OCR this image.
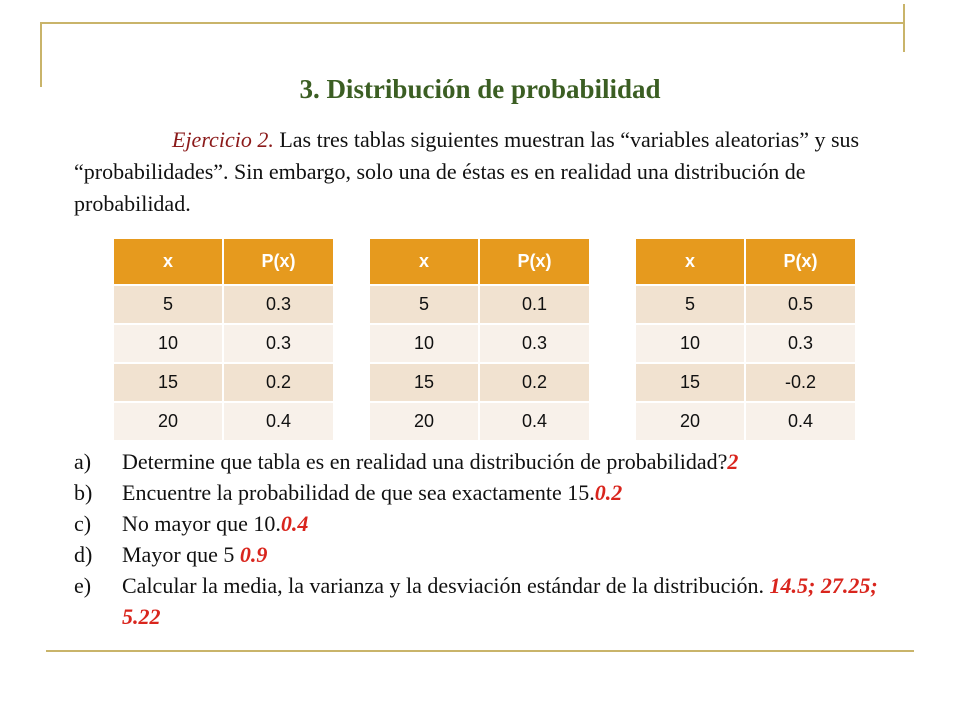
3. Distribución de probabilidad
Ejercicio 2. Las tres tablas siguientes muestran las “variables aleatorias” y sus “probabilidades”. Sin embargo, solo una de éstas es en realidad una distribución de probabilidad.
x	P(x)
5	0.3
10	0.3
15	0.2
20	0.4
x	P(x)
5	0.1
10	0.3
15	0.2
20	0.4
x	P(x)
5	0.5
10	0.3
15	-0.2
20	0.4
a)	Determine que tabla es en realidad una distribución de probabilidad?2
b)	Encuentre la probabilidad de que sea exactamente 15.0.2
c)	No mayor que 10.0.4
d)	Mayor que 5 0.9
e)	Calcular la media, la varianza y la desviación estándar de la distribución. 14.5; 27.25; 5.22
